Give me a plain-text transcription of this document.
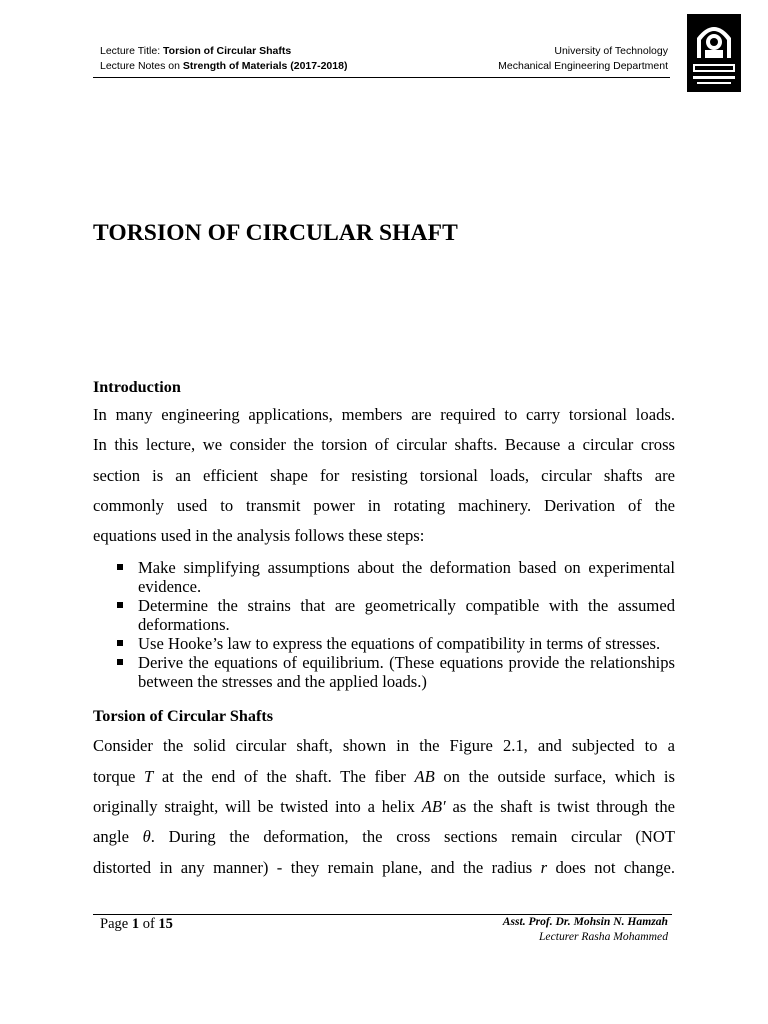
Lecture Title: Torsion of Circular Shafts	University of Technology
Lecture Notes on Strength of Materials (2017-2018)	Mechanical Engineering Department
TORSION OF CIRCULAR SHAFT
Introduction
In many engineering applications, members are required to carry torsional loads.
In this lecture, we consider the torsion of circular shafts. Because a circular cross
section is an efficient shape for resisting torsional loads, circular shafts are
commonly used to transmit power in rotating machinery. Derivation of the
equations used in the analysis follows these steps:
Make simplifying assumptions about the deformation based on experimental evidence.
Determine the strains that are geometrically compatible with the assumed deformations.
Use Hooke’s law to express the equations of compatibility in terms of stresses.
Derive the equations of equilibrium. (These equations provide the relationships between the stresses and the applied loads.)
Torsion of Circular Shafts
Consider the solid circular shaft, shown in the Figure 2.1, and subjected to a
torque T at the end of the shaft. The fiber AB on the outside surface, which is
originally straight, will be twisted into a helix AB′ as the shaft is twist through the
angle θ. During the deformation, the cross sections remain circular (NOT
distorted in any manner) - they remain plane, and the radius r does not change.
Page 1 of 15	Asst. Prof. Dr. Mohsin N. Hamzah
Lecturer Rasha Mohammed
